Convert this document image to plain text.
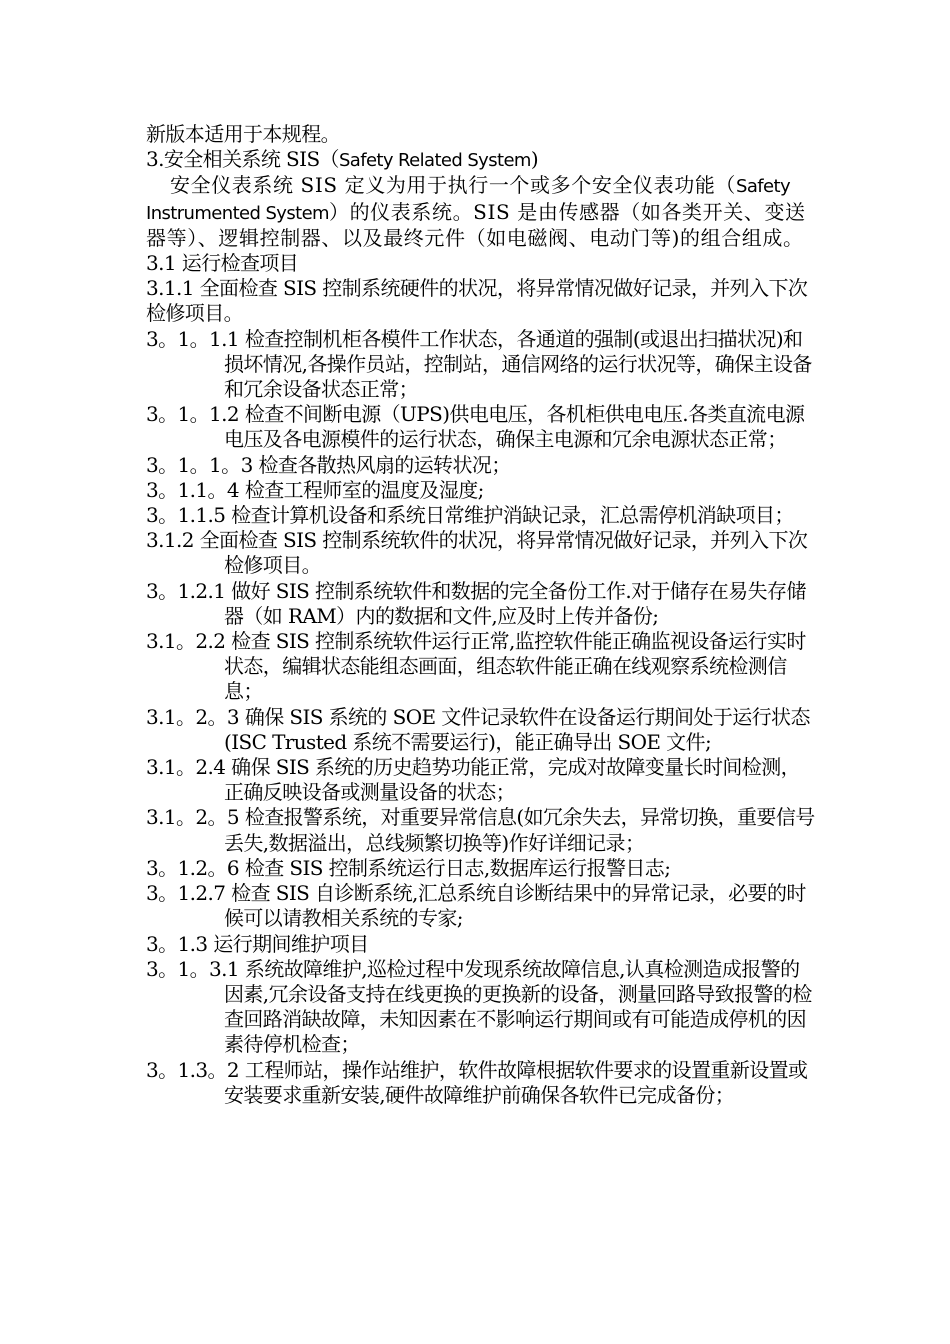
新版本适用于本规程。

3.安全相关系统 SIS（Safety Related System)

安全仪表系统 SIS 定义为用于执行一个或多个安全仪表功能（Safety Instrumented System）的仪表系统。SIS 是由传感器（如各类开关、变送器等）、逻辑控制器、以及最终元件（如电磁阀、电动门等)的组合组成。

3.1 运行检查项目

3.1.1 全面检查 SIS 控制系统硬件的状况，将异常情况做好记录，并列入下次检修项目。

3。1。1.1 检查控制机柜各模件工作状态，各通道的强制(或退出扫描状况)和损坏情况,各操作员站，控制站，通信网络的运行状况等，确保主设备和冗余设备状态正常；

3。1。1.2 检查不间断电源（UPS)供电电压，各机柜供电电压.各类直流电源电压及各电源模件的运行状态，确保主电源和冗余电源状态正常；

3。1。1。3 检查各散热风扇的运转状况；

3。1.1。4 检查工程师室的温度及湿度;

3。1.1.5 检查计算机设备和系统日常维护消缺记录，汇总需停机消缺项目；

3.1.2 全面检查 SIS 控制系统软件的状况，将异常情况做好记录，并列入下次检修项目。

3。1.2.1 做好 SIS 控制系统软件和数据的完全备份工作.对于储存在易失存储器（如 RAM）内的数据和文件,应及时上传并备份;

3.1。2.2 检查 SIS 控制系统软件运行正常,监控软件能正确监视设备运行实时状态，编辑状态能组态画面，组态软件能正确在线观察系统检测信息；

3.1。2。3 确保 SIS 系统的 SOE 文件记录软件在设备运行期间处于运行状态(ISC Trusted 系统不需要运行)，能正确导出 SOE 文件;

3.1。2.4 确保 SIS 系统的历史趋势功能正常，完成对故障变量长时间检测，正确反映设备或测量设备的状态；

3.1。2。5 检查报警系统，对重要异常信息(如冗余失去，异常切换，重要信号丢失,数据溢出，总线频繁切换等)作好详细记录；

3。1.2。6 检查 SIS 控制系统运行日志,数据库运行报警日志;

3。1.2.7 检查 SIS 自诊断系统,汇总系统自诊断结果中的异常记录，必要的时候可以请教相关系统的专家;

3。1.3 运行期间维护项目

3。1。3.1 系统故障维护,巡检过程中发现系统故障信息,认真检测造成报警的因素,冗余设备支持在线更换的更换新的设备，测量回路导致报警的检查回路消缺故障，未知因素在不影响运行期间或有可能造成停机的因素待停机检查；

3。1.3。2 工程师站，操作站维护，软件故障根据软件要求的设置重新设置或安装要求重新安装,硬件故障维护前确保各软件已完成备份；
